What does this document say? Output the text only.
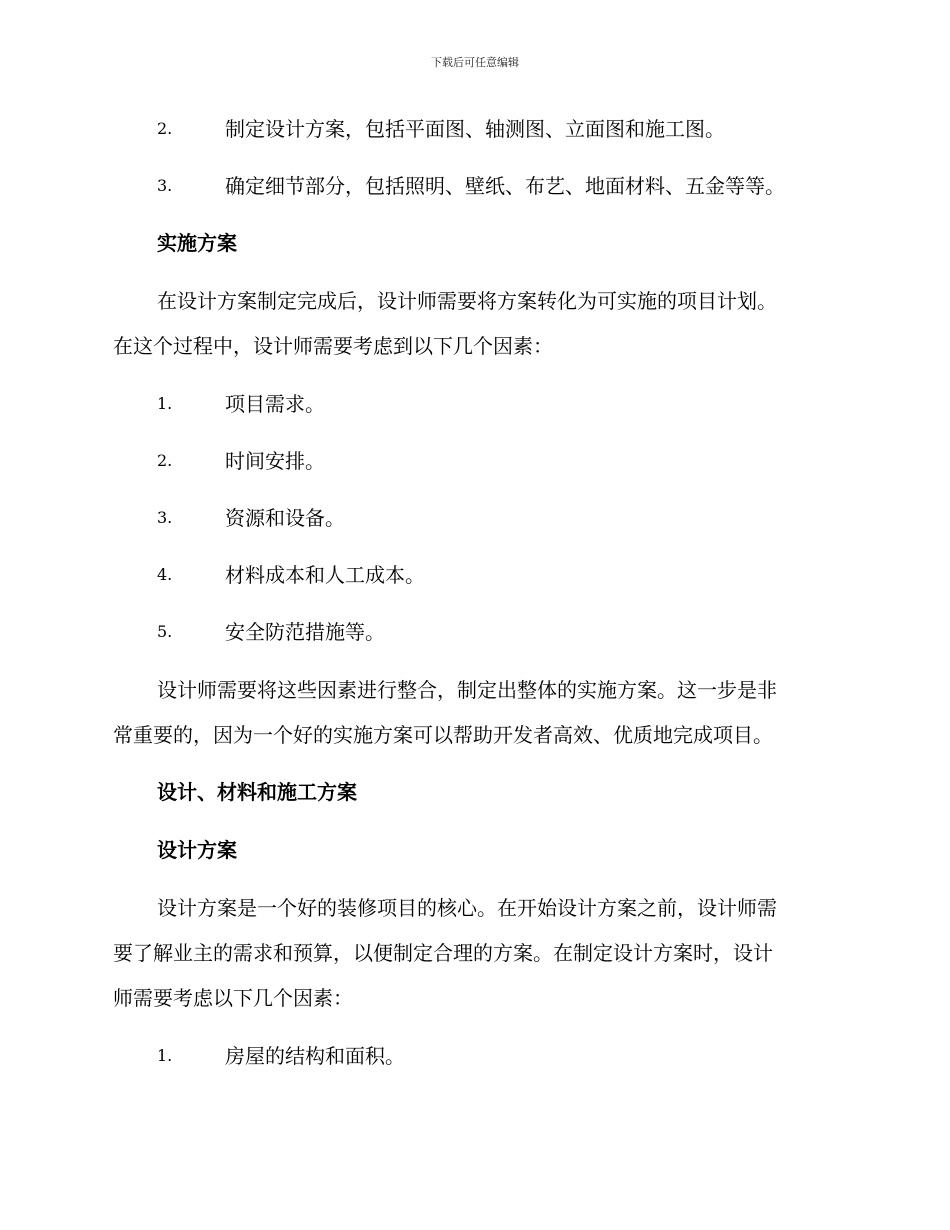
下载后可任意编辑
2.	制定设计方案，包括平面图、轴测图、立面图和施工图。
3.	确定细节部分，包括照明、壁纸、布艺、地面材料、五金等等。
实施方案
在设计方案制定完成后，设计师需要将方案转化为可实施的项目计划。
在这个过程中，设计师需要考虑到以下几个因素：
1.	项目需求。
2.	时间安排。
3.	资源和设备。
4.	材料成本和人工成本。
5.	安全防范措施等。
设计师需要将这些因素进行整合，制定出整体的实施方案。这一步是非
常重要的，因为一个好的实施方案可以帮助开发者高效、优质地完成项目。
设计、材料和施工方案
设计方案
设计方案是一个好的装修项目的核心。在开始设计方案之前，设计师需
要了解业主的需求和预算，以便制定合理的方案。在制定设计方案时，设计
师需要考虑以下几个因素：
1.	房屋的结构和面积。
